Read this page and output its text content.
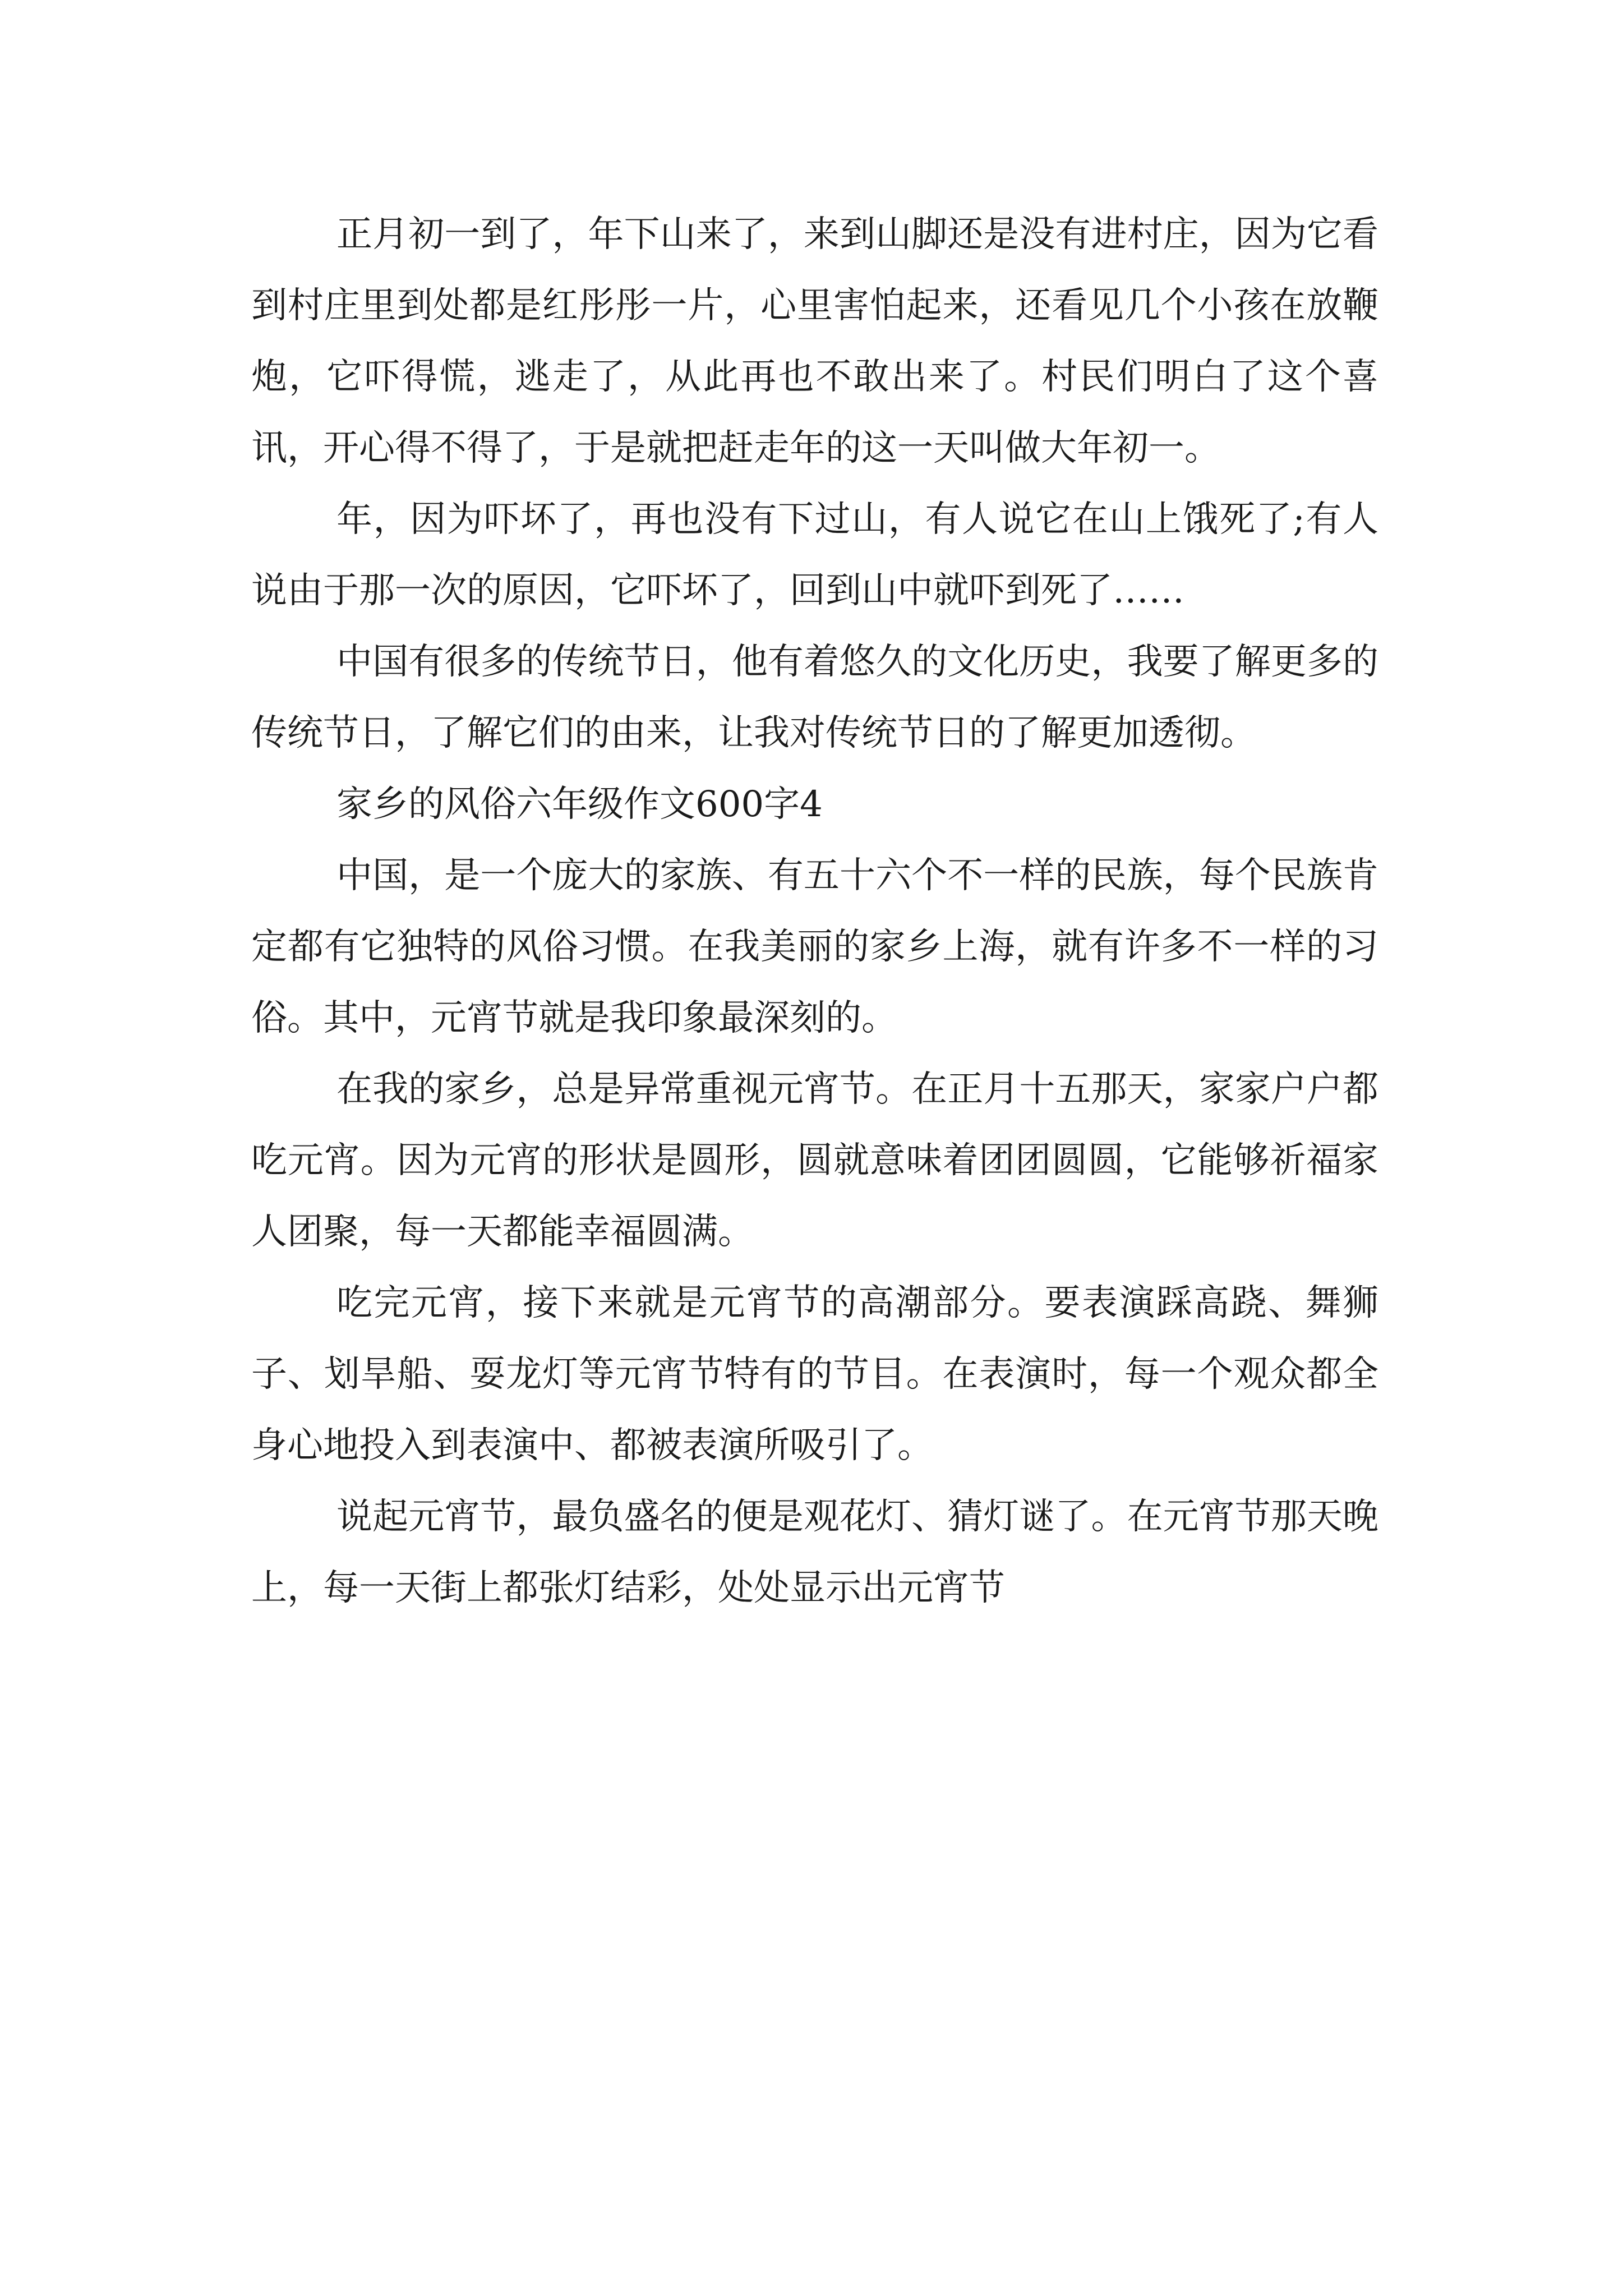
正月初一到了，年下山来了，来到山脚还是没有进村庄，因为它看到村庄里到处都是红彤彤一片，心里害怕起来，还看见几个小孩在放鞭炮，它吓得慌，逃走了，从此再也不敢出来了。村民们明白了这个喜讯，开心得不得了，于是就把赶走年的这一天叫做大年初一。

年，因为吓坏了，再也没有下过山，有人说它在山上饿死了;有人说由于那一次的原因，它吓坏了，回到山中就吓到死了……

中国有很多的传统节日，他有着悠久的文化历史，我要了解更多的传统节日，了解它们的由来，让我对传统节日的了解更加透彻。

家乡的风俗六年级作文600字4

中国，是一个庞大的家族、有五十六个不一样的民族，每个民族肯定都有它独特的风俗习惯。在我美丽的家乡上海，就有许多不一样的习俗。其中，元宵节就是我印象最深刻的。

在我的家乡，总是异常重视元宵节。在正月十五那天，家家户户都吃元宵。因为元宵的形状是圆形，圆就意味着团团圆圆，它能够祈福家人团聚，每一天都能幸福圆满。

吃完元宵，接下来就是元宵节的高潮部分。要表演踩高跷、舞狮子、划旱船、耍龙灯等元宵节特有的节目。在表演时，每一个观众都全身心地投入到表演中、都被表演所吸引了。

说起元宵节，最负盛名的便是观花灯、猜灯谜了。在元宵节那天晚上，每一天街上都张灯结彩，处处显示出元宵节
